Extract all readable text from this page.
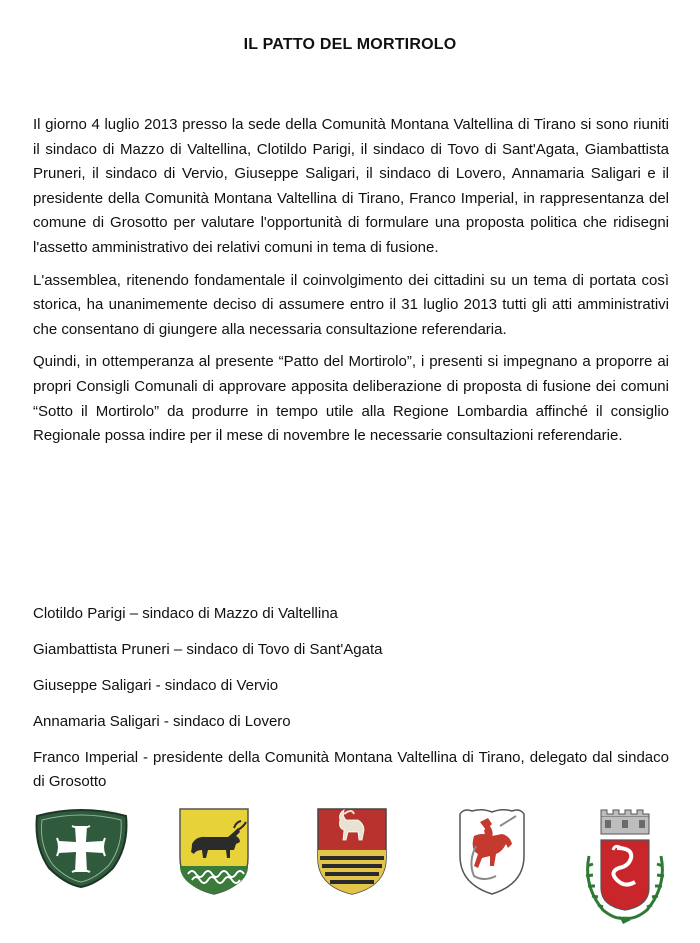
IL PATTO DEL MORTIROLO

Il giorno 4 luglio 2013 presso la sede della Comunità Montana Valtellina di Tirano si sono riuniti il sindaco di Mazzo di Valtellina, Clotildo Parigi, il sindaco di Tovo di Sant'Agata, Giambattista Pruneri, il sindaco di Vervio, Giuseppe Saligari, il sindaco di Lovero, Annamaria Saligari e il presidente della Comunità Montana Valtellina di Tirano, Franco Imperial, in rappresentanza del comune di Grosotto per valutare l'opportunità di formulare una proposta politica che ridisegni l'assetto amministrativo dei relativi comuni in tema di fusione.

L'assemblea, ritenendo fondamentale il coinvolgimento dei cittadini su un tema di portata così storica, ha unanimemente deciso di assumere entro il 31 luglio 2013 tutti gli atti amministrativi che consentano di giungere alla necessaria consultazione referendaria.

Quindi, in ottemperanza al presente “Patto del Mortirolo”, i presenti si impegnano a proporre ai propri Consigli Comunali di approvare apposita deliberazione di proposta di fusione dei comuni “Sotto il Mortirolo” da produrre in tempo utile alla Regione Lombardia affinché il consiglio Regionale possa indire per il mese di novembre le necessarie consultazioni referendarie.

Clotildo Parigi – sindaco di Mazzo di Valtellina

Giambattista Pruneri – sindaco di Tovo di Sant'Agata

Giuseppe Saligari - sindaco di Vervio

Annamaria Saligari - sindaco di Lovero

Franco Imperial - presidente della Comunità Montana Valtellina di Tirano, delegato dal sindaco di Grosotto
